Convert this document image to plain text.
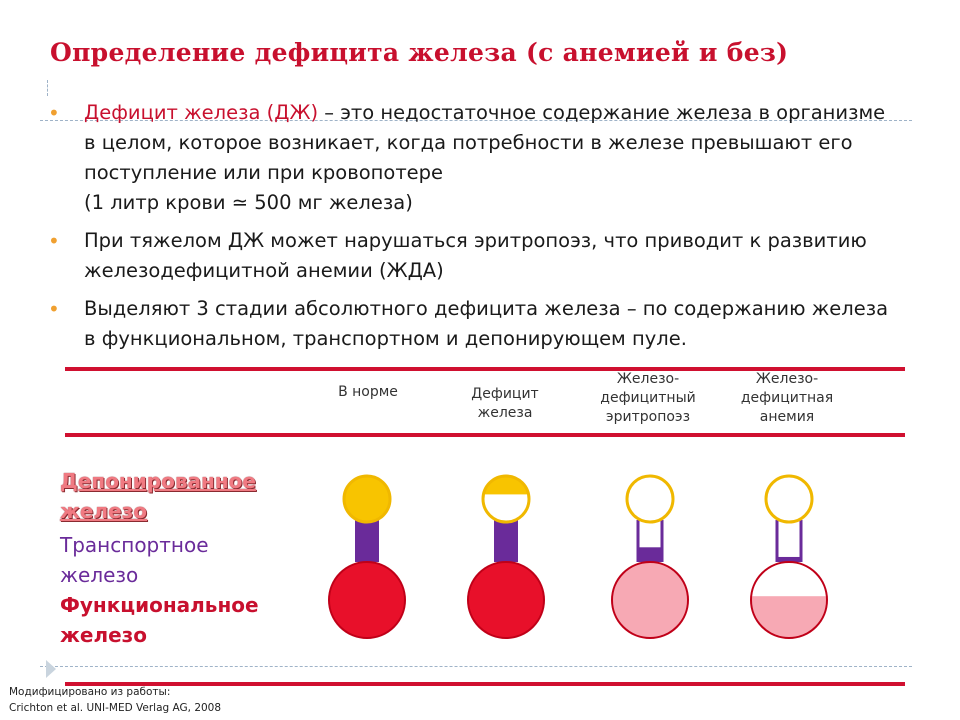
Определение дефицита железа (с анемией и без)
• Дефицит железа (ДЖ) – это недостаточное содержание железа в организме в целом, которое возникает, когда потребности в железе превышают его поступление или при кровопотере
(1 литр крови ≃ 500 мг железа)
• При тяжелом ДЖ может нарушаться эритропоэз, что приводит к развитию железодефицитной анемии (ЖДА)
• Выделяют 3 стадии абсолютного дефицита железа – по содержанию железа в функциональном, транспортном и депонирующем пуле.
В норме	Дефицит
железа
Железо-
дефицитный
эритропоэз
Железо-
дефицитная
анемия
Депонированное
железо
Транспортное
железо
Функциональное
железо
Модифицировано из работы:
Crichton et al. UNI-MED Verlag AG, 2008
